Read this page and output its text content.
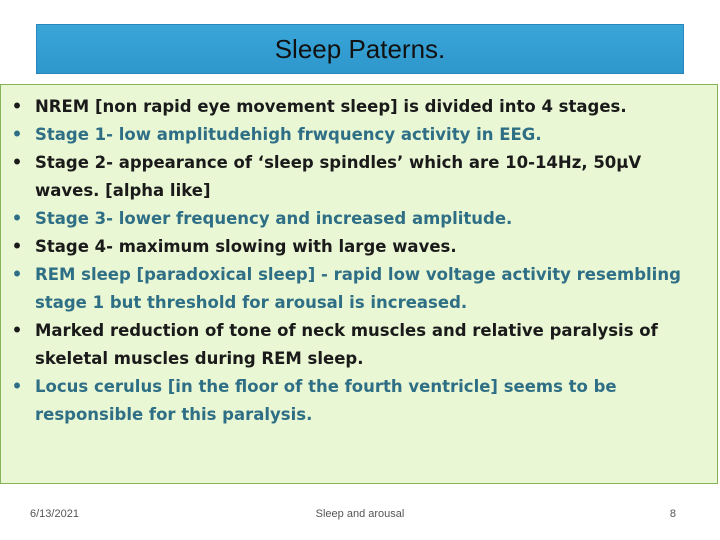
Sleep Paterns.
• NREM [non rapid eye movement sleep] is divided into 4 stages.
• Stage 1- low amplitudehigh frwquency activity in EEG.
• Stage 2- appearance of ‘sleep spindles’ which are 10-14Hz, 50µV waves. [alpha like]
• Stage 3- lower frequency and increased amplitude.
• Stage 4- maximum slowing with large waves.
• REM sleep [paradoxical sleep] - rapid low voltage activity resembling stage 1 but threshold for arousal is increased.
• Marked reduction of tone of neck muscles and relative paralysis of skeletal muscles during REM sleep.
• Locus cerulus [in the floor of the fourth ventricle] seems to be responsible for this paralysis.
6/13/2021	Sleep and arousal	8
